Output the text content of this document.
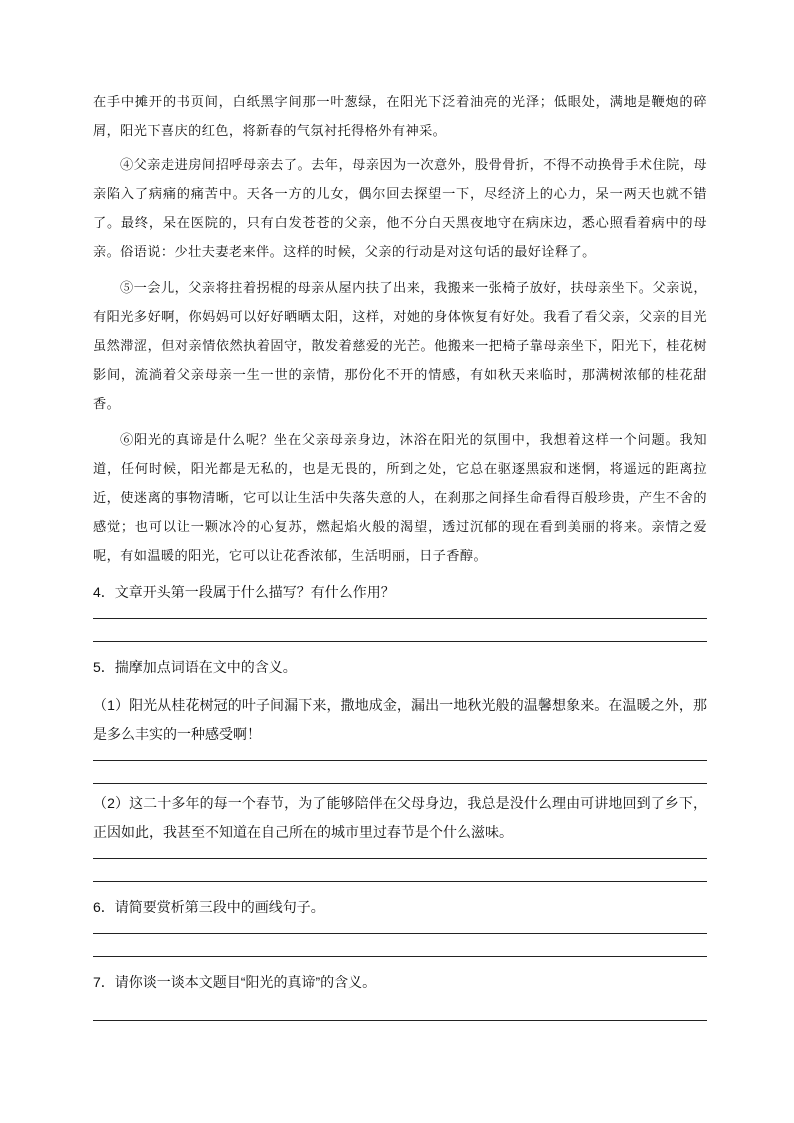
在手中摊开的书页间，白纸黑字间那一叶葱绿，在阳光下泛着油亮的光泽；低眼处，满地是鞭炮的碎屑，阳光下喜庆的红色，将新春的气氛衬托得格外有神采。

④父亲走进房间招呼母亲去了。去年，母亲因为一次意外，股骨骨折，不得不动换骨手术住院，母亲陷入了病痛的痛苦中。天各一方的儿女，偶尔回去探望一下，尽经济上的心力，呆一两天也就不错了。最终，呆在医院的，只有白发苍苍的父亲，他不分白天黑夜地守在病床边，悉心照看着病中的母亲。俗语说：少壮夫妻老来伴。这样的时候，父亲的行动是对这句话的最好诠释了。

⑤一会儿，父亲将拄着拐棍的母亲从屋内扶了出来，我搬来一张椅子放好，扶母亲坐下。父亲说，有阳光多好啊，你妈妈可以好好晒晒太阳，这样，对她的身体恢复有好处。我看了看父亲，父亲的目光虽然滞涩，但对亲情依然执着固守，散发着慈爱的光芒。他搬来一把椅子靠母亲坐下，阳光下，桂花树影间，流淌着父亲母亲一生一世的亲情，那份化不开的情感，有如秋天来临时，那满树浓郁的桂花甜香。

⑥阳光的真谛是什么呢？坐在父亲母亲身边，沐浴在阳光的氛围中，我想着这样一个问题。我知道，任何时候，阳光都是无私的，也是无畏的，所到之处，它总在驱逐黑寂和迷惘，将遥远的距离拉近，使迷离的事物清晰，它可以让生活中失落失意的人，在刹那之间择生命看得百般珍贵，产生不舍的感觉；也可以让一颗冰冷的心复苏，燃起焰火般的渴望，透过沉郁的现在看到美丽的将来。亲情之爱呢，有如温暖的阳光，它可以让花香浓郁，生活明丽，日子香醇。

4．文章开头第一段属于什么描写？有什么作用？

5．揣摩加点词语在文中的含义。

（1）阳光从桂花树冠的叶子间漏下来，撒地成金，漏出一地秋光般的温馨想象来。在温暖之外，那是多么丰实的一种感受啊！

（2）这二十多年的每一个春节，为了能够陪伴在父母身边，我总是没什么理由可讲地回到了乡下，正因如此，我甚至不知道在自己所在的城市里过春节是个什么滋味。

6．请简要赏析第三段中的画线句子。

7．请你谈一谈本文题目“阳光的真谛”的含义。
